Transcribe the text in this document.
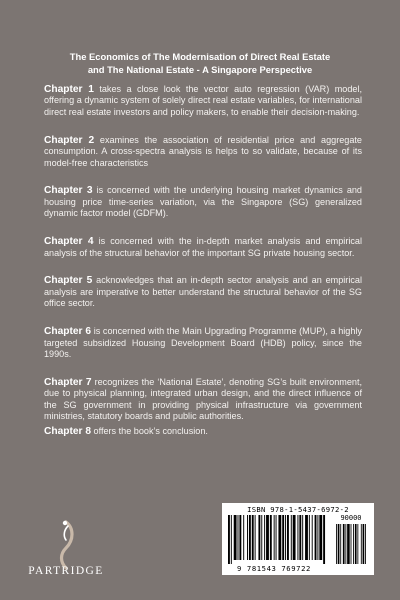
The Economics of The Modernisation of Direct Real Estate
and The National Estate - A Singapore Perspective

Chapter 1 takes a close look the vector auto regression (VAR) model, offering a dynamic system of solely direct real estate variables, for international direct real estate investors and policy makers, to enable their decision-making.

Chapter 2 examines the association of residential price and aggregate consumption. A cross-spectra analysis is helps to so validate, because of its model-free characteristics

Chapter 3 is concerned with the underlying housing market dynamics and housing price time-series variation, via the Singapore (SG) generalized dynamic factor model (GDFM).

Chapter 4 is concerned with the in-depth market analysis and empirical analysis of the structural behavior of the important SG private housing sector.

Chapter 5 acknowledges that an in-depth sector analysis and an empirical analysis are imperative to better understand the structural behavior of the SG office sector.

Chapter 6 is concerned with the Main Upgrading Programme (MUP), a highly targeted subsidized Housing Development Board (HDB) policy, since the 1990s.

Chapter 7 recognizes the ‘National Estate’, denoting SG’s built environment, due to physical planning, integrated urban design, and the direct influence of the SG government in providing physical infrastructure via government ministries, statutory boards and public authorities.

Chapter 8 offers the book’s conclusion.

PARTRIDGE
ISBN 978-1-5437-6972-2
90000
9 781543 769722
